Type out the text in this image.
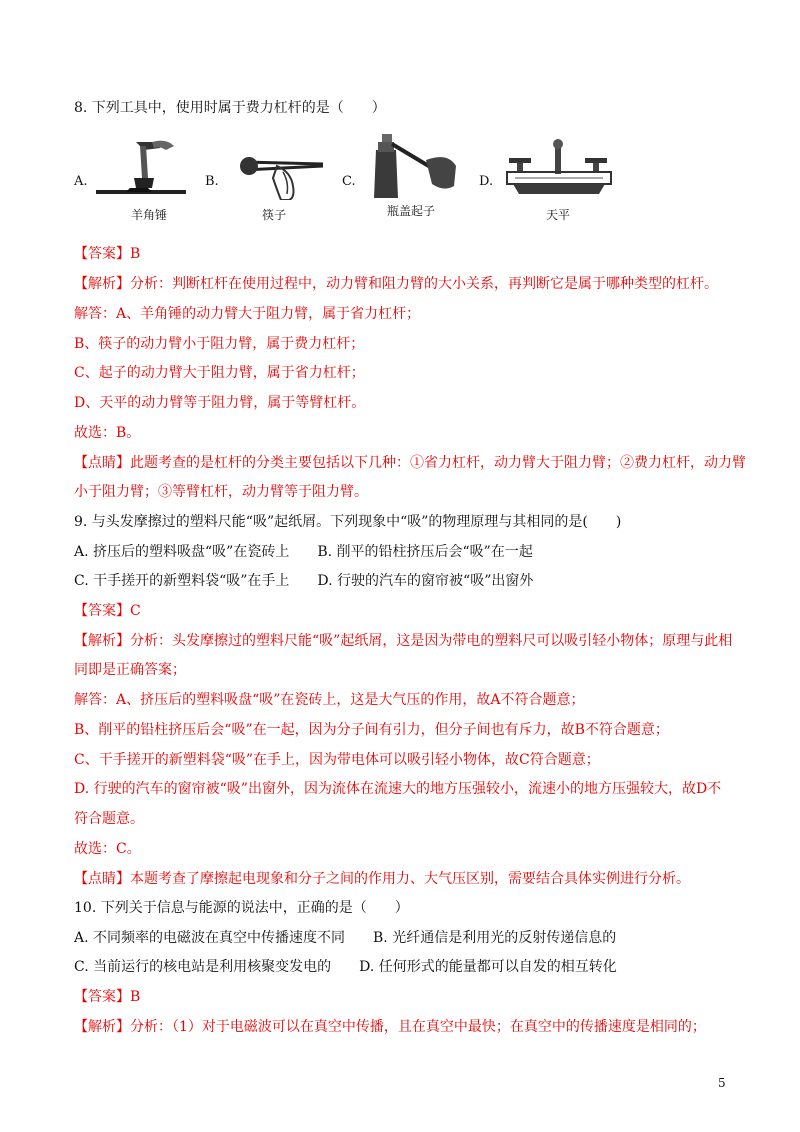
8. 下列工具中，使用时属于费力杠杆的是（　　）
A.
羊角锤
B.
筷子
C.
瓶盖起子
D.
天平
【答案】B
【解析】分析：判断杠杆在使用过程中，动力臂和阻力臂的大小关系，再判断它是属于哪种类型的杠杆。
解答：A、羊角锤的动力臂大于阻力臂，属于省力杠杆；
B、筷子的动力臂小于阻力臂，属于费力杠杆；
C、起子的动力臂大于阻力臂，属于省力杠杆；
D、天平的动力臂等于阻力臂，属于等臂杠杆。
故选：B。
【点睛】此题考查的是杠杆的分类主要包括以下几种：①省力杠杆，动力臂大于阻力臂；②费力杠杆，动力臂
小于阻力臂；③等臂杠杆，动力臂等于阻力臂。
9. 与头发摩擦过的塑料尺能“吸”起纸屑。下列现象中“吸”的物理原理与其相同的是(　　)
A. 挤压后的塑料吸盘“吸”在瓷砖上　　B. 削平的铅柱挤压后会“吸”在一起
C. 干手搓开的新塑料袋“吸”在手上　　D. 行驶的汽车的窗帘被“吸”出窗外
【答案】C
【解析】分析：头发摩擦过的塑料尺能“吸”起纸屑，这是因为带电的塑料尺可以吸引轻小物体；原理与此相
同即是正确答案；
解答：A、挤压后的塑料吸盘“吸”在瓷砖上，这是大气压的作用，故A不符合题意；
B、削平的铅柱挤压后会“吸”在一起，因为分子间有引力，但分子间也有斥力，故B不符合题意；
C、干手搓开的新塑料袋“吸”在手上，因为带电体可以吸引轻小物体，故C符合题意；
D. 行驶的汽车的窗帘被“吸”出窗外，因为流体在流速大的地方压强较小，流速小的地方压强较大，故D不
符合题意。
故选：C。
【点睛】本题考查了摩擦起电现象和分子之间的作用力、大气压区别，需要结合具体实例进行分析。
10. 下列关于信息与能源的说法中，正确的是（　　）
A. 不同频率的电磁波在真空中传播速度不同　　B. 光纤通信是利用光的反射传递信息的
C. 当前运行的核电站是利用核聚变发电的　　D. 任何形式的能量都可以自发的相互转化
【答案】B
【解析】分析：（1）对于电磁波可以在真空中传播，且在真空中最快；在真空中的传播速度是相同的；
5
